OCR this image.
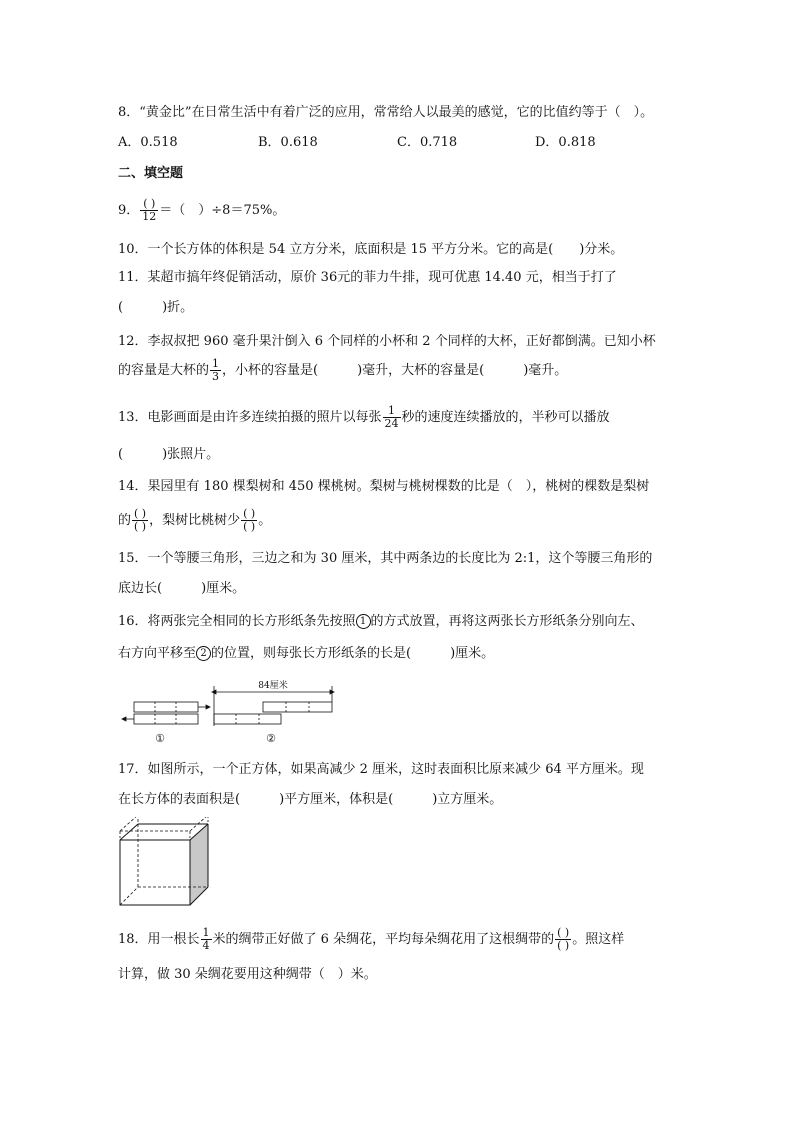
8．“黄金比”在日常生活中有着广泛的应用，常常给人以最美的感觉，它的比值约等于（　）。
A．0.518	B．0.618	C．0.718	D．0.818
二、填空题
9． $\frac{( )}{12}$ ＝（　）÷8＝75%。
10．一个长方体的体积是 54 立方分米，底面积是 15 平方分米。它的高是(　　)分米。
11．某超市搞年终促销活动，原价 36元的菲力牛排，现可优惠 14.40 元，相当于打了
(　　　)折。
12．李叔叔把 960 毫升果汁倒入 6 个同样的小杯和 2 个同样的大杯，正好都倒满。已知小杯
的容量是大杯的 $\frac{1}{3}$ ，小杯的容量是(　　　)毫升，大杯的容量是(　　　)毫升。
13．电影画面是由许多连续拍摄的照片以每张 $\frac{1}{24}$ 秒的速度连续播放的，半秒可以播放
(　　　)张照片。
14．果园里有 180 棵梨树和 450 棵桃树。梨树与桃树棵数的比是（　），桃树的棵数是梨树
的 $\frac{( )}{( )}$ ，梨树比桃树少 $\frac{( )}{( )}$ 。
15．一个等腰三角形，三边之和为 30 厘米，其中两条边的长度比为 2:1，这个等腰三角形的
底边长(　　　)厘米。
16．将两张完全相同的长方形纸条先按照 1 的方式放置，再将这两张长方形纸条分别向左、
右方向平移至 2 的位置，则每张长方形纸条的长是(　　　)厘米。
84厘米
①	②
17．如图所示，一个正方体，如果高减少 2 厘米，这时表面积比原来减少 64 平方厘米。现
在长方体的表面积是(　　　)平方厘米，体积是(　　　)立方厘米。
18．用一根长 $\frac{1}{4}$ 米的绸带正好做了 6 朵绸花，平均每朵绸花用了这根绸带的 $\frac{( )}{( )}$ 。照这样
计算，做 30 朵绸花要用这种绸带（　）米。
